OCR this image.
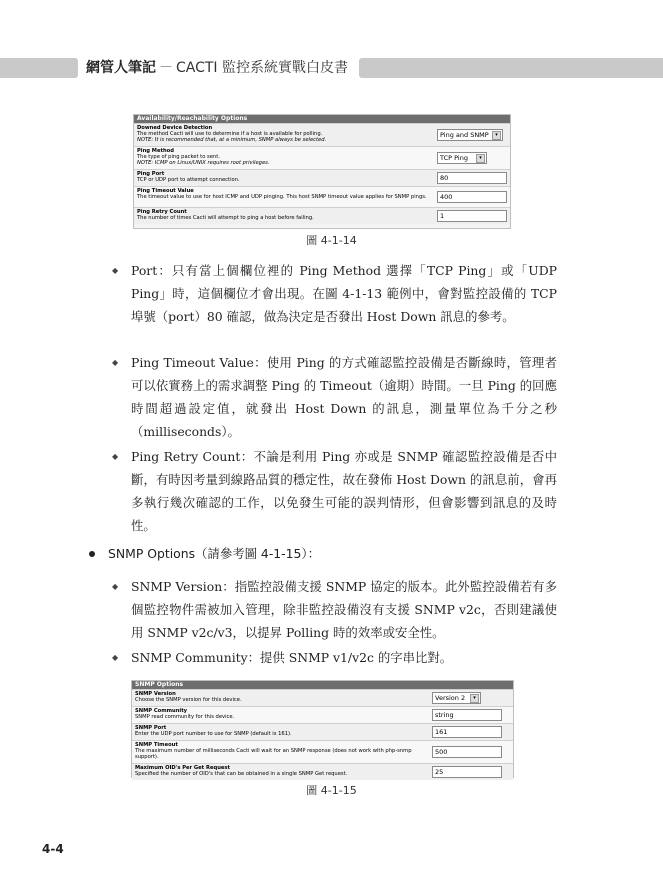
網管人筆記 － CACTI 監控系統實戰白皮書
Availability/Reachability Options
Downed Device Detection
The method Cacti will use to determine if a host is available for polling.
NOTE: It is recommended that, at a minimum, SNMP always be selected.
Ping and SNMP	▾
Ping Method
The type of ping packet to sent.
NOTE: ICMP on Linux/UNIX requires root privileges.
TCP Ping	▾
Ping Port
TCP or UDP port to attempt connection.	80
Ping Timeout Value
The timeout value to use for host ICMP and UDP pinging. This host SNMP timeout value applies for SNMP pings.	400
Ping Retry Count
The number of times Cacti will attempt to ping a host before failing.	1
圖 4-1-14
◆ Port：只有當上個欄位裡的 Ping Method 選擇「TCP Ping」或「UDP Ping」時，這個欄位才會出現。在圖 4-1-13 範例中，會對監控設備的 TCP 埠號（port）80 確認，做為決定是否發出 Host Down 訊息的參考。
◆ Ping Timeout Value：使用 Ping 的方式確認監控設備是否斷線時，管理者可以依實務上的需求調整 Ping 的 Timeout（逾期）時間。一旦 Ping 的回應時間超過設定值，就發出 Host Down 的訊息，測量單位為千分之秒（milliseconds）。
◆ Ping Retry Count：不論是利用 Ping 亦或是 SNMP 確認監控設備是否中斷，有時因考量到線路品質的穩定性，故在發佈 Host Down 的訊息前，會再多執行幾次確認的工作，以免發生可能的誤判情形，但會影響到訊息的及時性。
SNMP Options（請參考圖 4-1-15）：
◆ SNMP Version：指監控設備支援 SNMP 協定的版本。此外監控設備若有多個監控物件需被加入管理，除非監控設備沒有支援 SNMP v2c，否則建議使用 SNMP v2c/v3，以提昇 Polling 時的效率或安全性。
◆ SNMP Community：提供 SNMP v1/v2c 的字串比對。
SNMP Options
SNMP Version
Choose the SNMP version for this device.	Version 2	▾
SNMP Community
SNMP read community for this device.	string
SNMP Port
Enter the UDP port number to use for SNMP (default is 161).	161
SNMP Timeout
The maximum number of milliseconds Cacti will wait for an SNMP response (does not work with php-snmp support).
500
Maximum OID's Per Get Request
Specified the number of OID's that can be obtained in a single SNMP Get request.	25
圖 4-1-15
4-4
